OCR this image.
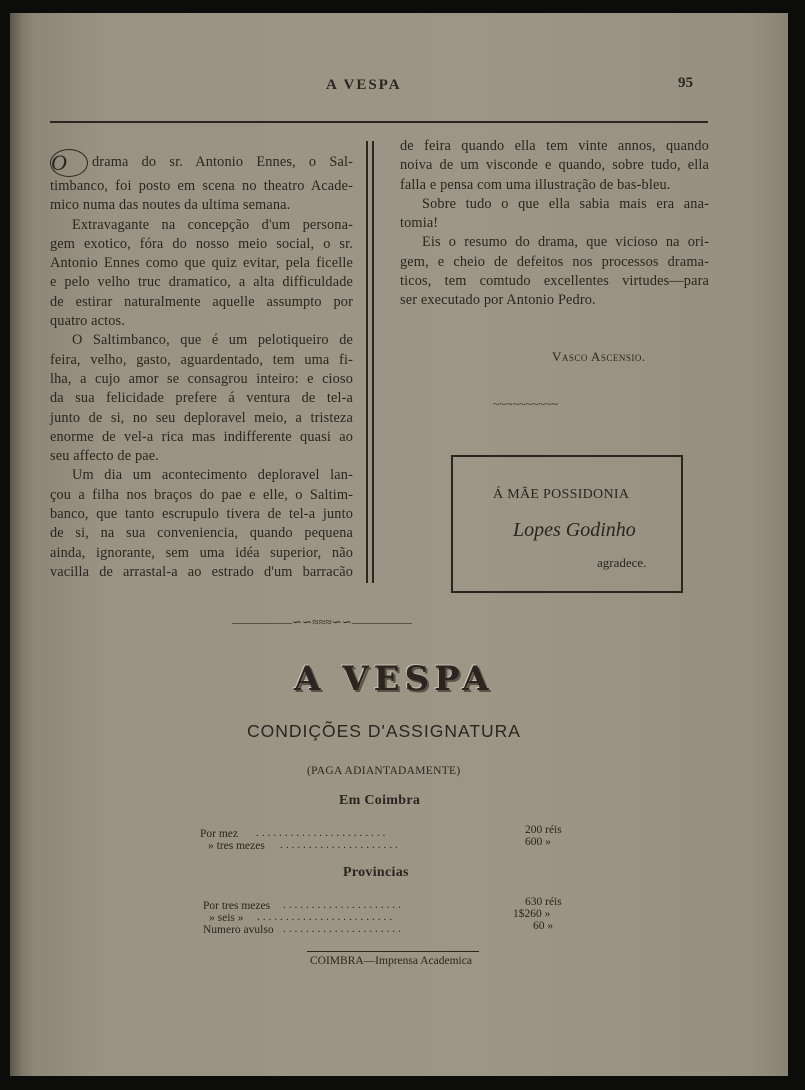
A VESPA	95

O drama do sr. Antonio Ennes, o Sal-
timbanco, foi posto em scena no theatro Acade-
mico numa das noutes da ultima semana.
Extravagante na concepção d'um persona-
gem exotico, fóra do nosso meio social, o sr.
Antonio Ennes como que quiz evitar, pela ficelle
e pelo velho truc dramatico, a alta difficuldade
de estirar naturalmente aquelle assumpto por
quatro actos.
O Saltimbanco, que é um pelotiqueiro de
feira, velho, gasto, aguardentado, tem uma fi-
lha, a cujo amor se consagrou inteiro: e cioso
da sua felicidade prefere á ventura de tel-a
junto de si, no seu deploravel meio, a tristeza
enorme de vel-a rica mas indifferente quasi ao
seu affecto de pae.
Um dia um acontecimento deploravel lan-
çou a filha nos braços do pae e elle, o Saltim-
banco, que tanto escrupulo tivera de tel-a junto
de si, na sua conveniencia, quando pequena
ainda, ignorante, sem uma idéa superior, não
vacilla de arrastal-a ao estrado d'um barracão

de feira quando ella tem vinte annos, quando
noiva de um visconde e quando, sobre tudo, ella
falla e pensa com uma illustração de bas-bleu.
Sobre tudo o que ella sabia mais era ana-
tomia!
Eis o resumo do drama, que vicioso na ori-
gem, e cheio de defeitos nos processos drama-
ticos, tem comtudo excellentes virtudes—para
ser executado por Antonio Pedro.

Vasco Ascensio.
~~~~~~~~~~
Á MÃE POSSIDONIA
Lopes Godinho
agradece.
—————∽∽≈≈≈∽∽—————
A VESPA
CONDIÇÕES D'ASSIGNATURA
(PAGA ADIANTADAMENTE)
Em Coimbra
Por mez . . . . . . . . . . . . . . . . . . . . . . .	200 réis
» tres mezes . . . . . . . . . . . . . . . . . . . . .	600 »
Provincias
Por tres mezes . . . . . . . . . . . . . . . . . . . . .	630 réis
» seis » . . . . . . . . . . . . . . . . . . . . . . . .	1$260 »
Numero avulso . . . . . . . . . . . . . . . . . . . . .	60 »
COIMBRA—Imprensa Academica
